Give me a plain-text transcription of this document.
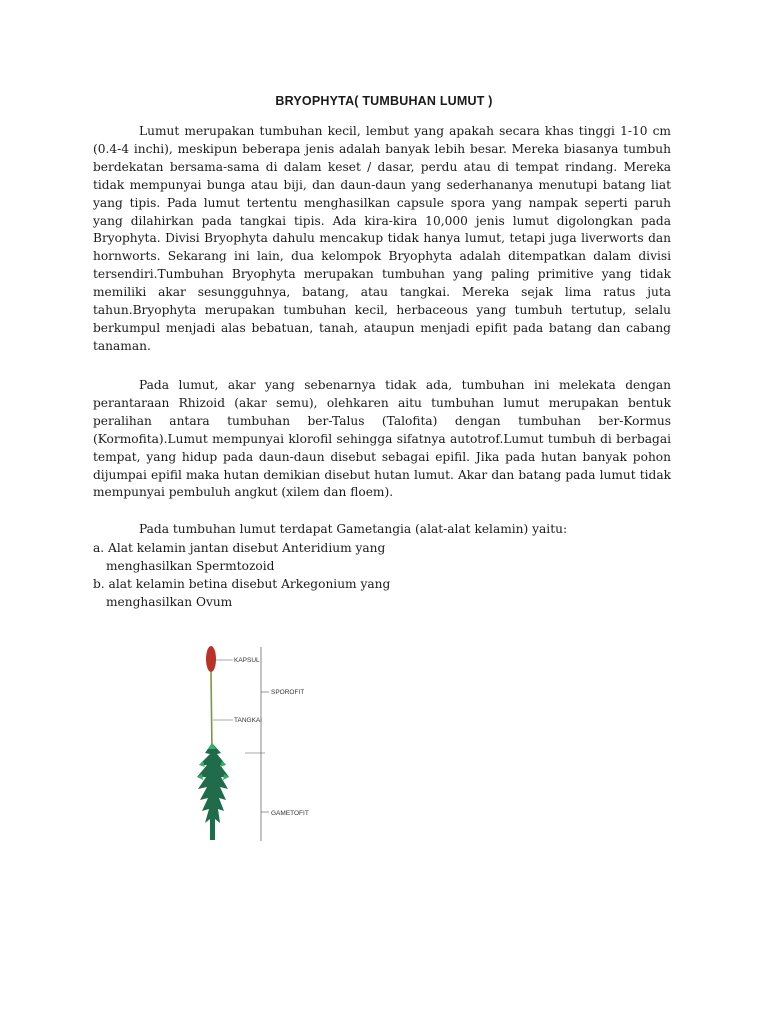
BRYOPHYTA( TUMBUHAN LUMUT )

Lumut merupakan tumbuhan kecil, lembut yang apakah secara khas tinggi 1-10 cm (0.4-4 inchi), meskipun beberapa jenis adalah banyak lebih besar. Mereka biasanya tumbuh berdekatan bersama-sama di dalam keset / dasar, perdu atau di tempat rindang. Mereka tidak mempunyai bunga atau biji, dan daun-daun yang sederhananya menutupi batang liat yang tipis. Pada lumut tertentu menghasilkan capsule spora yang nampak seperti paruh yang dilahirkan pada tangkai tipis. Ada kira-kira 10,000 jenis lumut digolongkan pada Bryophyta. Divisi Bryophyta dahulu mencakup tidak hanya lumut, tetapi juga liverworts dan hornworts. Sekarang ini lain, dua kelompok Bryophyta adalah ditempatkan dalam divisi tersendiri.Tumbuhan Bryophyta merupakan tumbuhan yang paling primitive yang tidak memiliki akar sesungguhnya, batang, atau tangkai. Mereka sejak lima ratus juta tahun.Bryophyta merupakan tumbuhan kecil, herbaceous yang tumbuh tertutup, selalu berkumpul menjadi alas bebatuan, tanah, ataupun menjadi epifit pada batang dan cabang tanaman.

Pada lumut, akar yang sebenarnya tidak ada, tumbuhan ini melekata dengan perantaraan Rhizoid (akar semu), olehkaren aitu tumbuhan lumut merupakan bentuk peralihan antara tumbuhan ber-Talus (Talofita) dengan tumbuhan ber-Kormus (Kormofita).Lumut mempunyai klorofil sehingga sifatnya autotrof.Lumut tumbuh di berbagai tempat, yang hidup pada daun-daun disebut sebagai epifil. Jika pada hutan banyak pohon dijumpai epifil maka hutan demikian disebut hutan lumut. Akar dan batang pada lumut tidak mempunyai pembuluh angkut (xilem dan floem).

Pada tumbuhan lumut terdapat Gametangia (alat-alat kelamin) yaitu:

a. Alat kelamin jantan disebut Anteridium yang
menghasilkan Spermtozoid
b. alat kelamin betina disebut Arkegonium yang
menghasilkan Ovum
KAPSUL
TANGKAI
SPOROFIT
GAMETOFIT
